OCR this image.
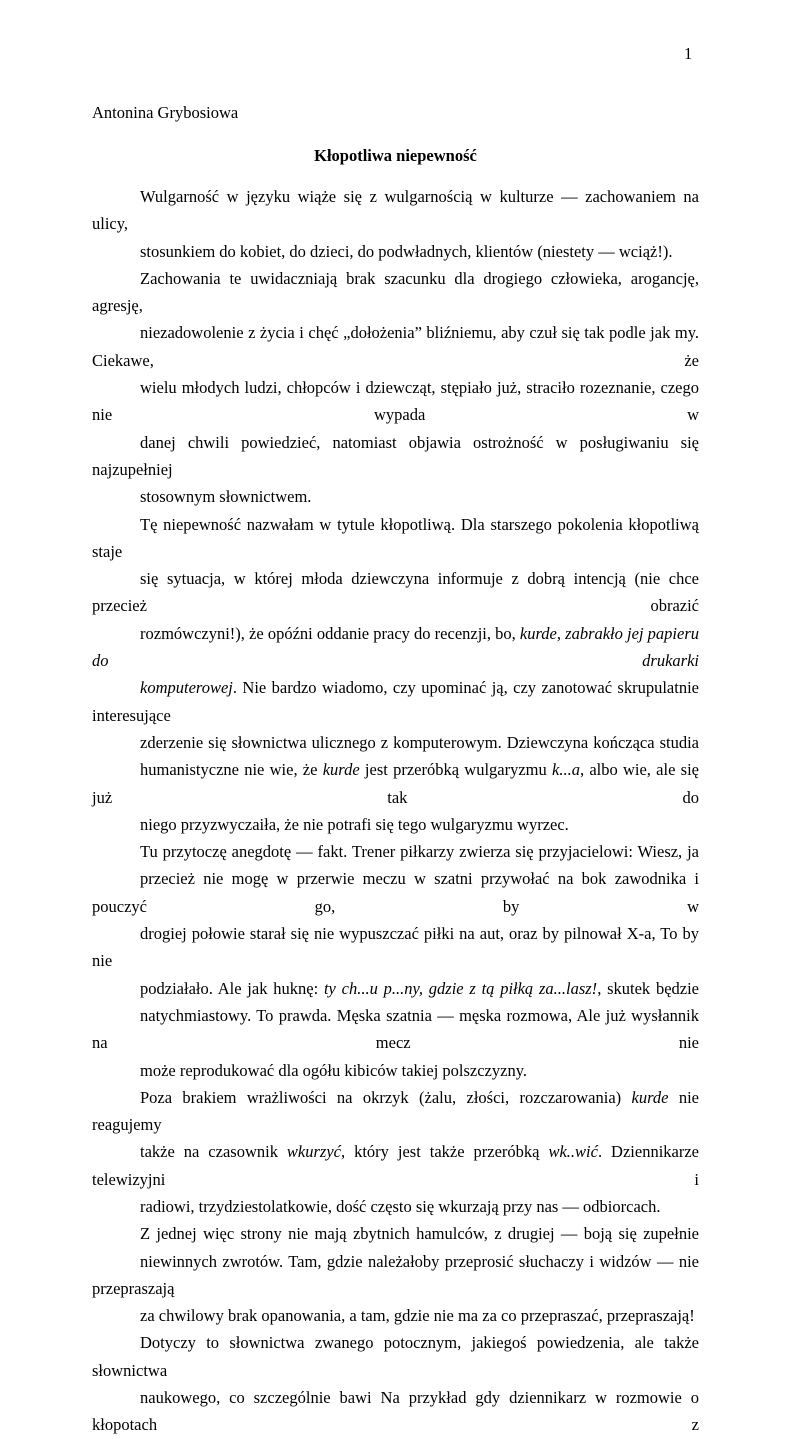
1
Antonina Grybosiowa
Kłopotliwa niepewność
Wulgarność w języku wiąże się z wulgarnością w kulturze — zachowaniem na ulicy,
stosunkiem do kobiet, do dzieci, do podwładnych, klientów (niestety — wciąż!).
Zachowania te uwidaczniają brak szacunku dla drogiego człowieka, arogancję, agresję,
niezadowolenie z życia i chęć „dołożenia” bliźniemu, aby czuł się tak podle jak my. Ciekawe, że
wielu młodych ludzi, chłopców i dziewcząt, stępiało już, straciło rozeznanie, czego nie wypada w
danej chwili powiedzieć, natomiast objawia ostrożność w posługiwaniu się najzupełniej
stosownym słownictwem.
Tę niepewność nazwałam w tytule kłopotliwą. Dla starszego pokolenia kłopotliwą staje
się sytuacja, w której młoda dziewczyna informuje z dobrą intencją (nie chce przecież obrazić
rozmówczyni!), że opóźni oddanie pracy do recenzji, bo, kurde, zabrakło jej papieru do drukarki
komputerowej. Nie bardzo wiadomo, czy upominać ją, czy zanotować skrupulatnie interesujące
zderzenie się słownictwa ulicznego z komputerowym. Dziewczyna kończąca studia
humanistyczne nie wie, że kurde jest przeróbką wulgaryzmu k...a, albo wie, ale się już tak do
niego przyzwyczaiła, że nie potrafi się tego wulgaryzmu wyrzec.
Tu przytoczę anegdotę — fakt. Trener piłkarzy zwierza się przyjacielowi: Wiesz, ja
przecież nie mogę w przerwie meczu w szatni przywołać na bok zawodnika i pouczyć go, by w
drogiej połowie starał się nie wypuszczać piłki na aut, oraz by pilnował X-a, To by nie
podziałało. Ale jak huknę: ty ch...u p...ny, gdzie z tą piłką za...lasz!, skutek będzie
natychmiastowy. To prawda. Męska szatnia — męska rozmowa, Ale już wysłannik na mecz nie
może reprodukować dla ogółu kibiców takiej polszczyzny.
Poza brakiem wrażliwości na okrzyk (żalu, złości, rozczarowania) kurde nie reagujemy
także na czasownik wkurzyć, który jest także przeróbką wk..wić. Dziennikarze telewizyjni i
radiowi, trzydziestolatkowie, dość często się wkurzają przy nas — odbiorcach.
Z jednej więc strony nie mają zbytnich hamulców, z drugiej — boją się zupełnie
niewinnych zwrotów. Tam, gdzie należałoby przeprosić słuchaczy i widzów — nie przepraszają
za chwilowy brak opanowania, a tam, gdzie nie ma za co przepraszać, przepraszają!
Dotyczy to słownictwa zwanego potocznym, jakiegoś powiedzenia, ale także słownictwa
naukowego, co szczególnie bawi Na przykład gdy dziennikarz w rozmowie o kłopotach z
